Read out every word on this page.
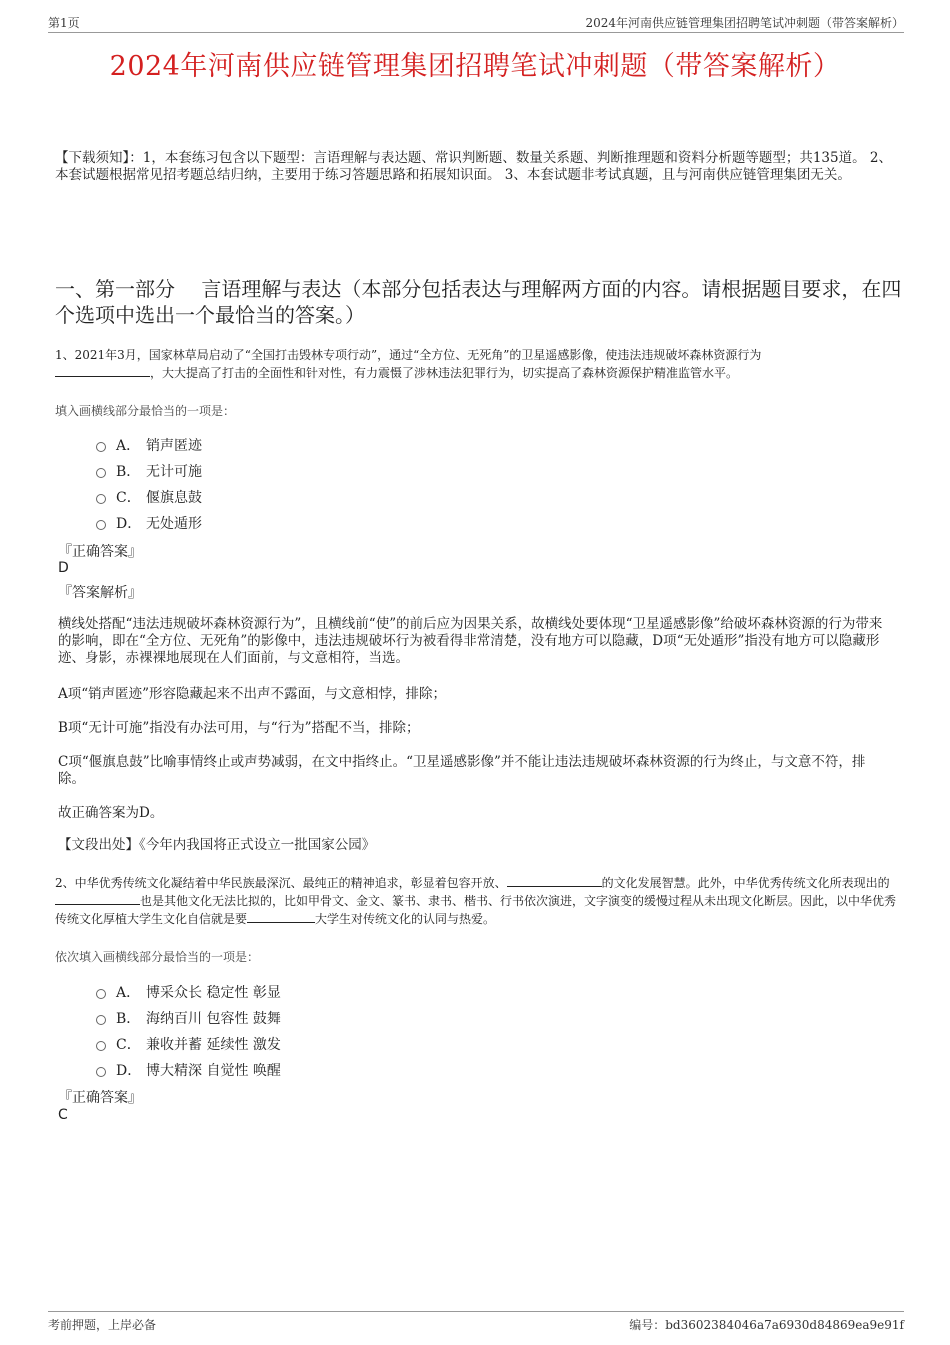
第1页	2024年河南供应链管理集团招聘笔试冲刺题（带答案解析）
2024年河南供应链管理集团招聘笔试冲刺题（带答案解析）
【下载须知】：1，本套练习包含以下题型：言语理解与表达题、常识判断题、数量关系题、判断推理题和资料分析题等题型；共135道。 2、本套试题根据常见招考题总结归纳，主要用于练习答题思路和拓展知识面。 3、本套试题非考试真题，且与河南供应链管理集团无关。
一、第一部分　 言语理解与表达（本部分包括表达与理解两方面的内容。请根据题目要求，在四个选项中选出一个最恰当的答案。）
1、2021年3月，国家林草局启动了“全国打击毁林专项行动”，通过“全方位、无死角”的卫星遥感影像，使违法违规破坏森林资源行为
，大大提高了打击的全面性和针对性，有力震慑了涉林违法犯罪行为，切实提高了森林资源保护精准监管水平。
填入画横线部分最恰当的一项是：
A． 销声匿迹
B． 无计可施
C． 偃旗息鼓
D． 无处遁形
『正确答案』
D
『答案解析』
横线处搭配“违法违规破坏森林资源行为”，且横线前“使”的前后应为因果关系，故横线处要体现“卫星遥感影像”给破坏森林资源的行为带来的影响，即在“全方位、无死角”的影像中，违法违规破坏行为被看得非常清楚，没有地方可以隐藏，D项“无处遁形”指没有地方可以隐藏形迹、身影，赤裸裸地展现在人们面前，与文意相符，当选。
A项“销声匿迹”形容隐藏起来不出声不露面，与文意相悖，排除；
B项“无计可施”指没有办法可用，与“行为”搭配不当，排除；
C项“偃旗息鼓”比喻事情终止或声势减弱，在文中指终止。“卫星遥感影像”并不能让违法违规破坏森林资源的行为终止，与文意不符，排除。
故正确答案为D。
【文段出处】《今年内我国将正式设立一批国家公园》
2、中华优秀传统文化凝结着中华民族最深沉、最纯正的精神追求，彰显着包容开放、	的文化发展智慧。此外，中华优秀传统文化所表现出的也是其他文化无法比拟的，比如甲骨文、金文、篆书、隶书、楷书、行书依次演进，文字演变的缓慢过程从未出现文化断层。因此，以中华优秀传统文化厚植大学生文化自信就是要	大学生对传统文化的认同与热爱。
依次填入画横线部分最恰当的一项是：
A． 博采众长 稳定性 彰显
B． 海纳百川 包容性 鼓舞
C． 兼收并蓄 延续性 激发
D． 博大精深 自觉性 唤醒
『正确答案』
C
考前押题，上岸必备	编号：bd3602384046a7a6930d84869ea9e91f
